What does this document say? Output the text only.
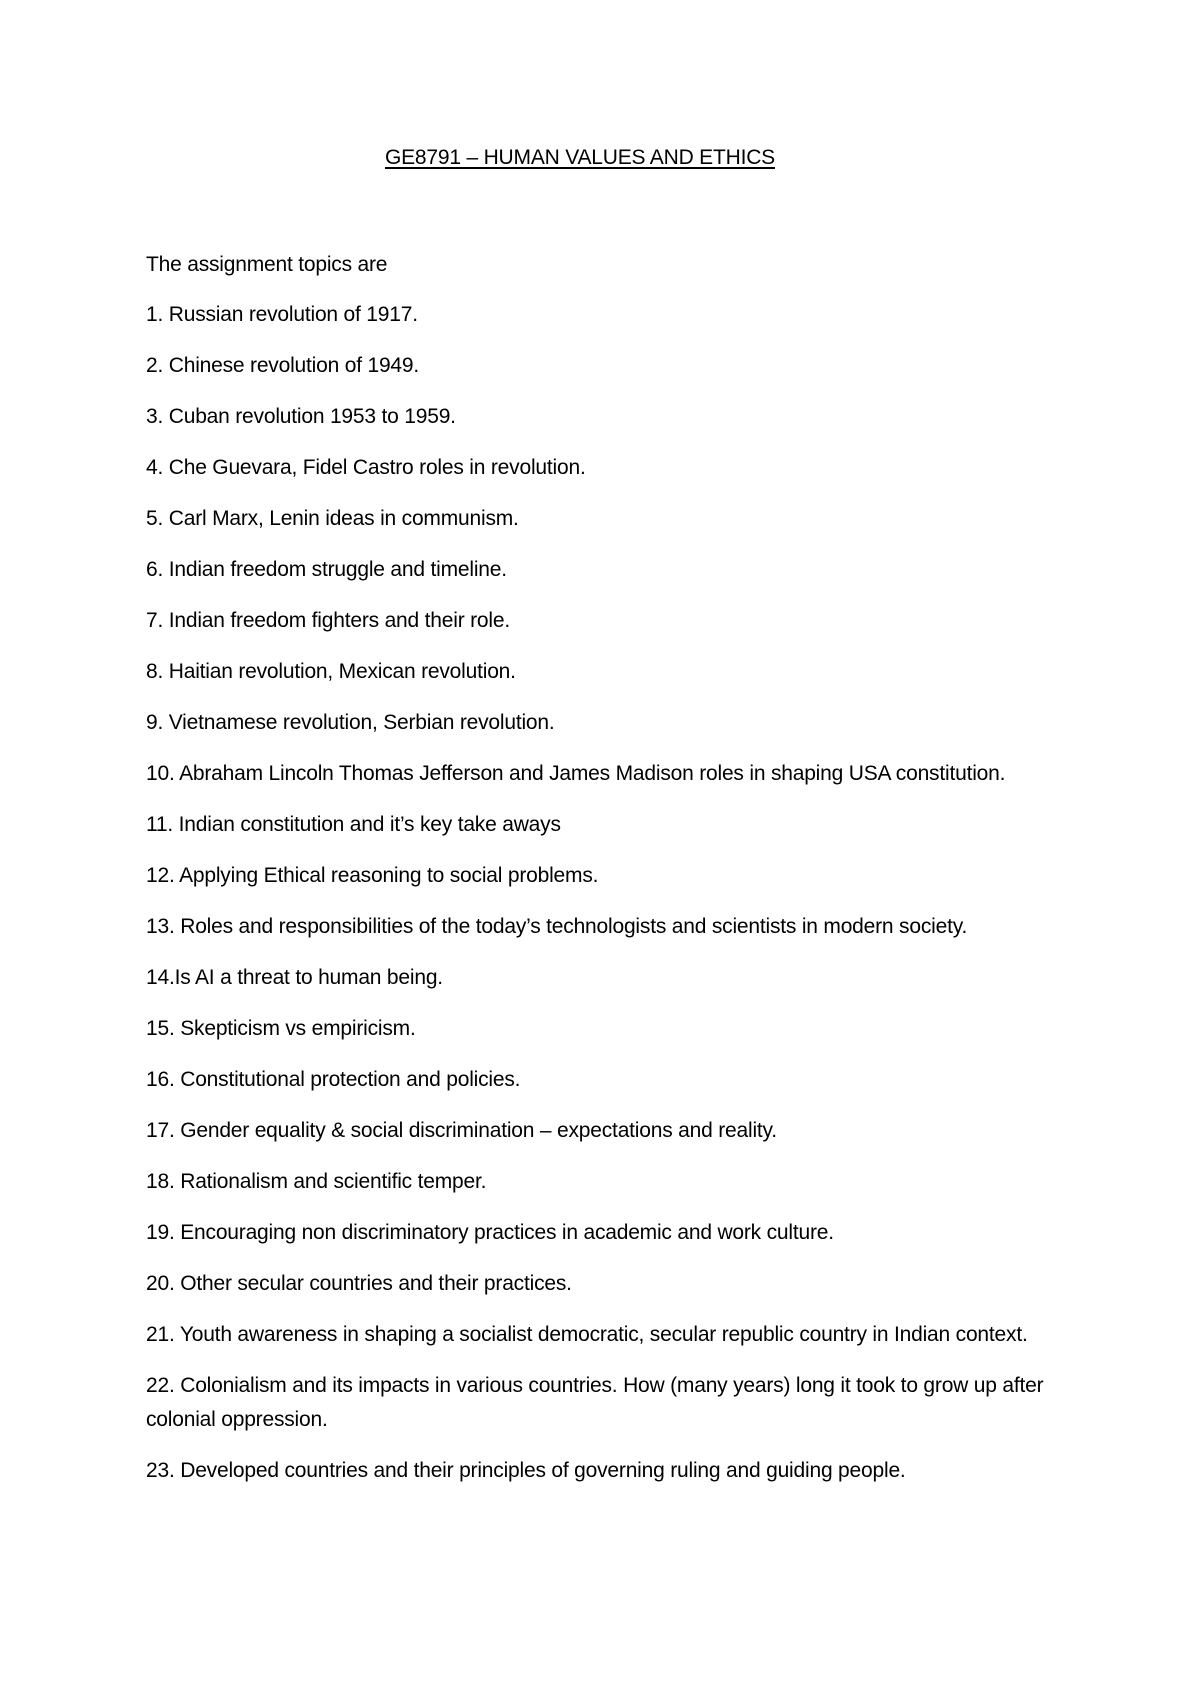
GE8791 – HUMAN VALUES AND ETHICS
The assignment topics are
1. Russian revolution of 1917.
2. Chinese revolution of 1949.
3. Cuban revolution 1953 to 1959.
4. Che Guevara, Fidel Castro roles in revolution.
5. Carl Marx, Lenin ideas in communism.
6. Indian freedom struggle and timeline.
7. Indian freedom fighters and their role.
8. Haitian revolution, Mexican revolution.
9. Vietnamese revolution, Serbian revolution.
10. Abraham Lincoln Thomas Jefferson and James Madison roles in shaping USA constitution.
11. Indian constitution and it’s key take aways
12. Applying Ethical reasoning to social problems.
13. Roles and responsibilities of the today’s technologists and scientists in modern society.
14.Is AI a threat to human being.
15. Skepticism vs empiricism.
16. Constitutional protection and policies.
17. Gender equality & social discrimination – expectations and reality.
18. Rationalism and scientific temper.
19. Encouraging non discriminatory practices in academic and work culture.
20. Other secular countries and their practices.
21. Youth awareness in shaping a socialist democratic, secular republic country in Indian context.
22. Colonialism and its impacts in various countries. How (many years) long it took to grow up after colonial oppression.
23. Developed countries and their principles of governing ruling and guiding people.
